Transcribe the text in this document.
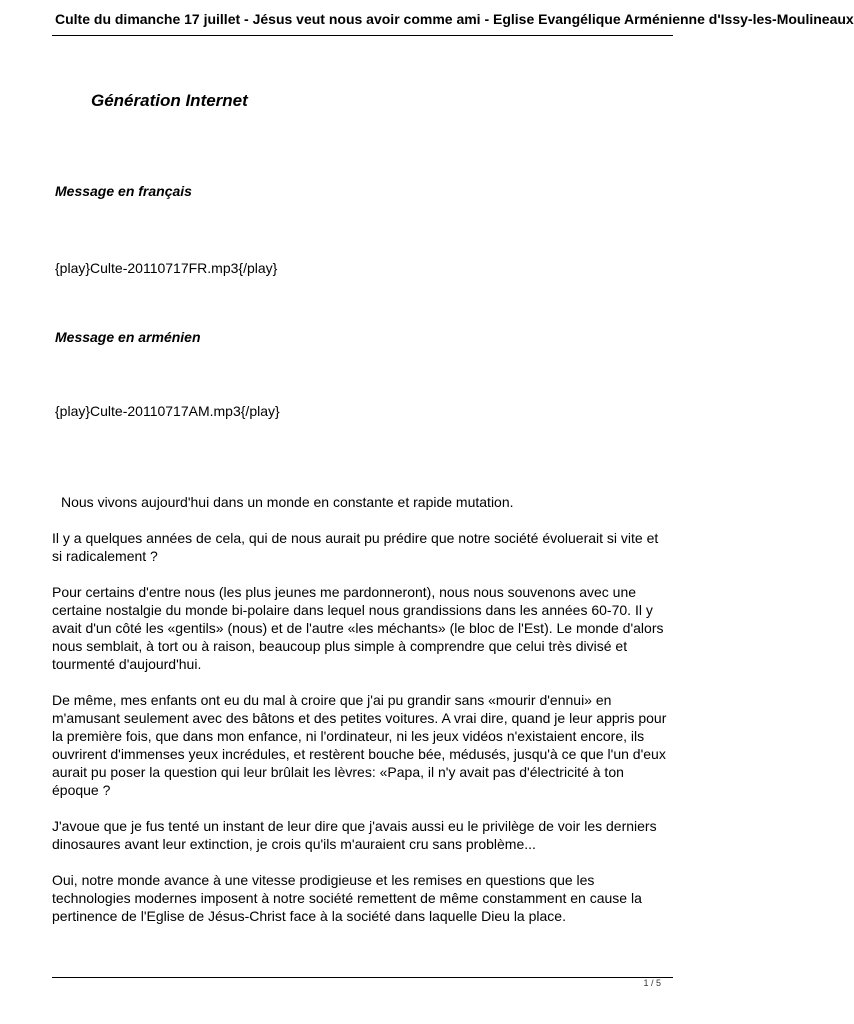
Culte du dimanche 17 juillet - Jésus veut nous avoir comme ami - Eglise Evangélique Arménienne d'Issy-les-Moulineaux
Génération Internet
Message en français
{play}Culte-20110717FR.mp3{/play}
Message en arménien
{play}Culte-20110717AM.mp3{/play}

Nous vivons aujourd'hui dans un monde en constante et rapide mutation.

Il y a quelques années de cela, qui de nous aurait pu prédire que notre société évoluerait si vite et si radicalement ?

Pour certains d'entre nous (les plus jeunes me pardonneront), nous nous souvenons avec une certaine nostalgie du monde bi-polaire dans lequel nous grandissions dans les années 60-70. Il y avait d'un côté les «gentils» (nous) et de l'autre «les méchants» (le bloc de l'Est). Le monde d'alors nous semblait, à tort ou à raison, beaucoup plus simple à comprendre que celui très divisé et tourmenté d'aujourd'hui.

De même, mes enfants ont eu du mal à croire que j'ai pu grandir sans «mourir d'ennui» en m'amusant seulement avec des bâtons et des petites voitures. A vrai dire, quand je leur appris pour la première fois, que dans mon enfance, ni l'ordinateur, ni les jeux vidéos n'existaient encore, ils ouvrirent d'immenses yeux incrédules, et restèrent bouche bée, médusés, jusqu'à ce que l'un d'eux aurait pu poser la question qui leur brûlait les lèvres: «Papa, il n'y avait pas d'électricité à ton époque ?

J'avoue que je fus tenté un instant de leur dire que j'avais aussi eu le privilège de voir les derniers dinosaures avant leur extinction, je crois qu'ils m'auraient cru sans problème...

Oui, notre monde avance à une vitesse prodigieuse et les remises en questions que les technologies modernes imposent à notre société remettent de même constamment en cause la pertinence de l'Eglise de Jésus-Christ face à la société dans laquelle Dieu la place.

1 / 5
